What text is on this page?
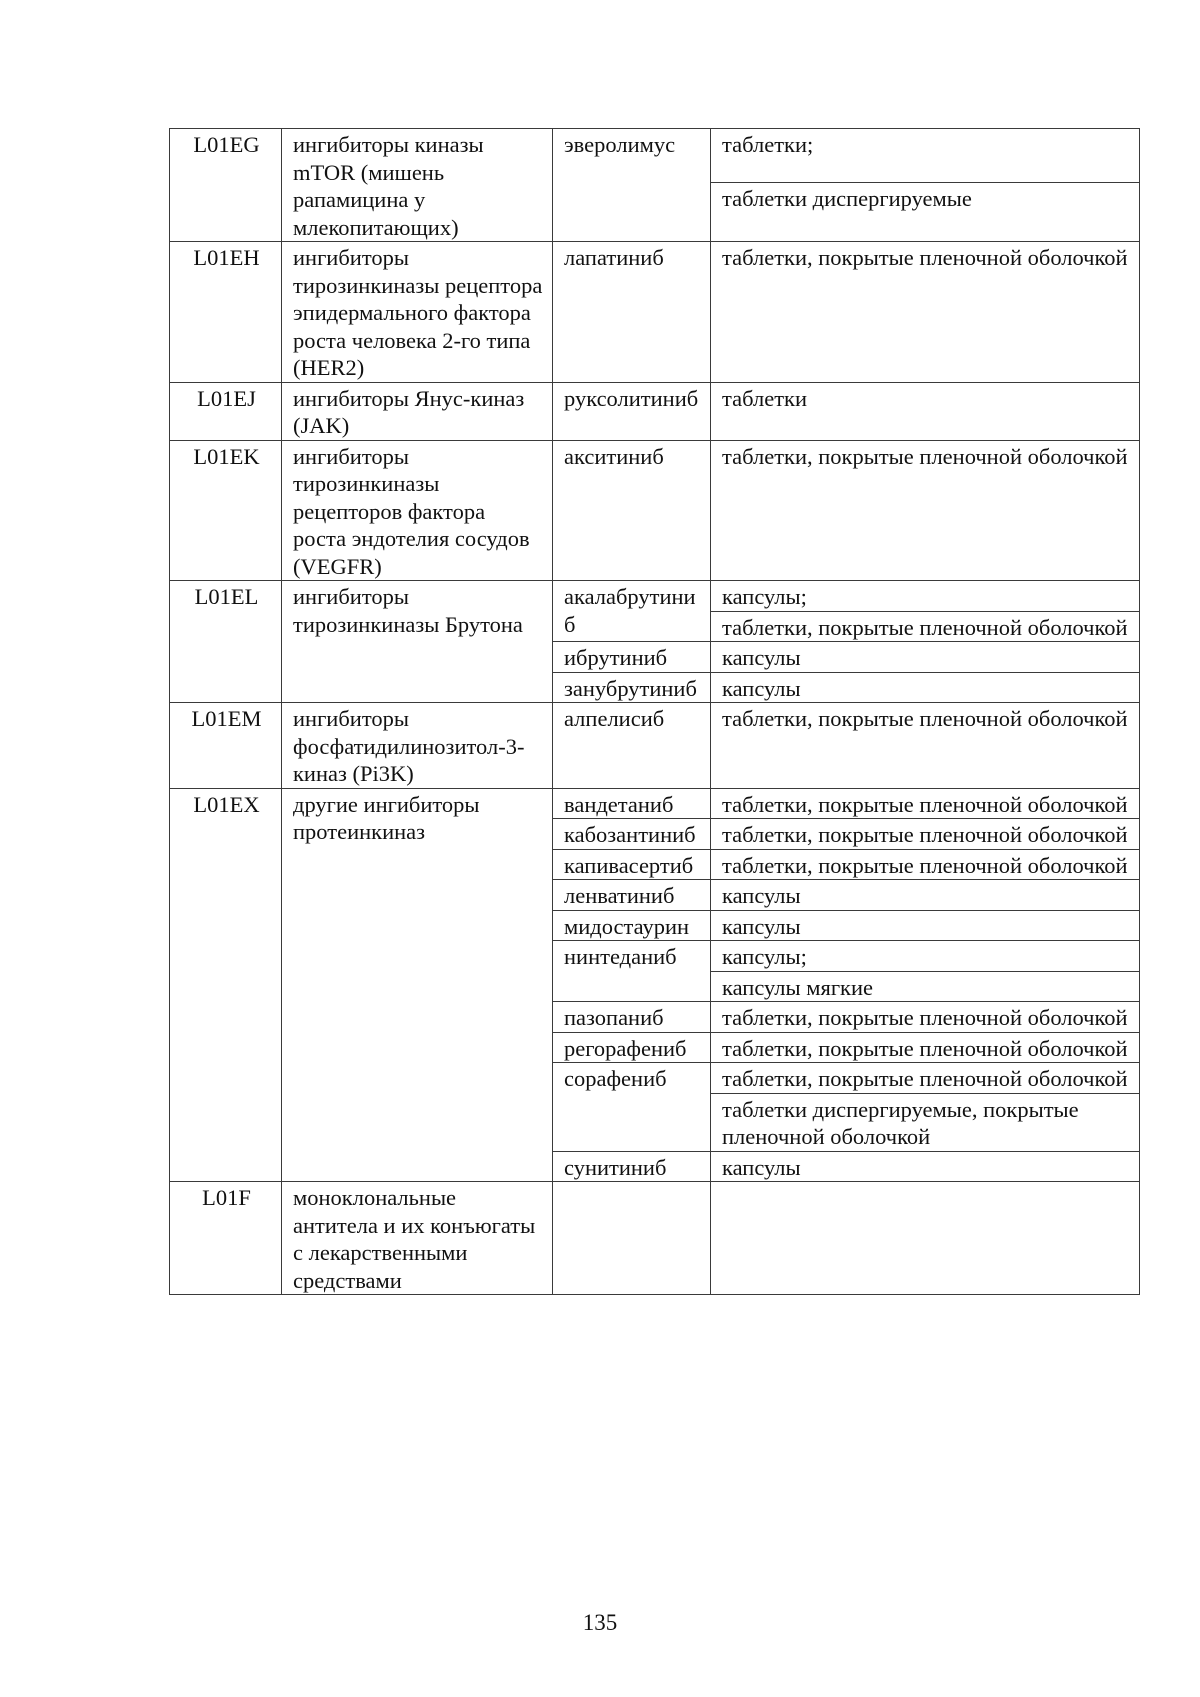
L01EG	ингибиторы киназы mTOR (мишень рапамицина у млекопитающих)	эверолимус	таблетки;
			таблетки диспергируемые
L01EH	ингибиторы тирозинкиназы рецептора эпидермального фактора роста человека 2-го типа (HER2)	лапатиниб	таблетки, покрытые пленочной оболочкой
L01EJ	ингибиторы Янус-киназ (JAK)	руксолитиниб	таблетки
L01EK	ингибиторы тирозинкиназы рецепторов фактора роста эндотелия сосудов (VEGFR)	акситиниб	таблетки, покрытые пленочной оболочкой
L01EL	ингибиторы тирозинкиназы Брутона	акалабрутиниб	капсулы;
			таблетки, покрытые пленочной оболочкой
		ибрутиниб	капсулы
		занубрутиниб	капсулы
L01EM	ингибиторы фосфатидилинозитол-3-киназ (Pi3K)	алпелисиб	таблетки, покрытые пленочной оболочкой
L01EX	другие ингибиторы протеинкиназ	вандетаниб	таблетки, покрытые пленочной оболочкой
		кабозантиниб	таблетки, покрытые пленочной оболочкой
		капивасертиб	таблетки, покрытые пленочной оболочкой
		ленватиниб	капсулы
		мидостаурин	капсулы
		нинтеданиб	капсулы;
			капсулы мягкие
		пазопаниб	таблетки, покрытые пленочной оболочкой
		регорафениб	таблетки, покрытые пленочной оболочкой
		сорафениб	таблетки, покрытые пленочной оболочкой
			таблетки диспергируемые, покрытые пленочной оболочкой
		сунитиниб	капсулы
L01F	моноклональные антитела и их конъюгаты с лекарственными средствами		
135
